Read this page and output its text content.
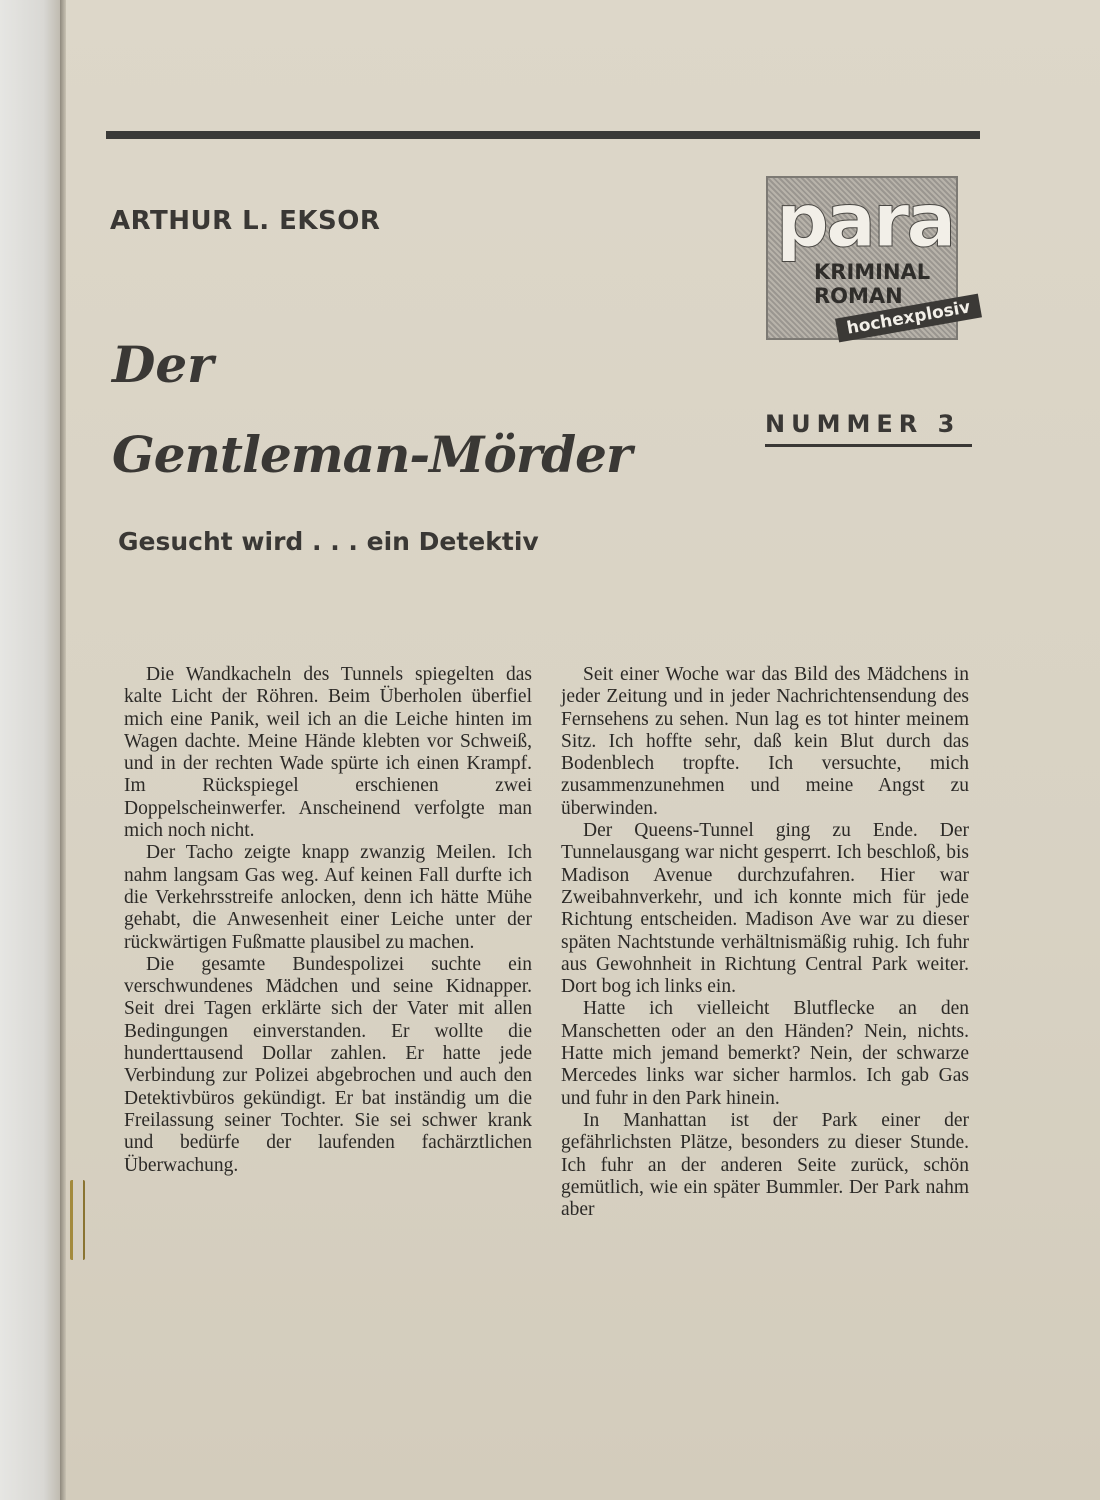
ARTHUR L. EKSOR
Der
Gentleman-Mörder
Gesucht wird . . . ein Detektiv
para
KRIMINAL
ROMAN
hochexplosiv
NUMMER 3

Die Wandkacheln des Tunnels spiegelten das kalte Licht der Röhren. Beim Überholen überfiel mich eine Panik, weil ich an die Leiche hinten im Wagen dachte. Meine Hände klebten vor Schweiß, und in der rechten Wade spürte ich einen Krampf. Im Rückspiegel erschienen zwei Doppelscheinwerfer. Anscheinend verfolgte man mich noch nicht.

Der Tacho zeigte knapp zwanzig Meilen. Ich nahm langsam Gas weg. Auf keinen Fall durfte ich die Verkehrsstreife anlocken, denn ich hätte Mühe gehabt, die Anwesenheit einer Leiche unter der rückwärtigen Fußmatte plausibel zu machen.

Die gesamte Bundespolizei suchte ein verschwundenes Mädchen und seine Kidnapper. Seit drei Tagen erklärte sich der Vater mit allen Bedingungen einverstanden. Er wollte die hunderttausend Dollar zahlen. Er hatte jede Verbindung zur Polizei abgebrochen und auch den Detektivbüros gekündigt. Er bat inständig um die Freilassung seiner Tochter. Sie sei schwer krank und bedürfe der laufenden fachärztlichen Überwachung.

Seit einer Woche war das Bild des Mädchens in jeder Zeitung und in jeder Nachrichtensendung des Fernsehens zu sehen. Nun lag es tot hinter meinem Sitz. Ich hoffte sehr, daß kein Blut durch das Bodenblech tropfte. Ich versuchte, mich zusammenzunehmen und meine Angst zu überwinden.

Der Queens-Tunnel ging zu Ende. Der Tunnelausgang war nicht gesperrt. Ich beschloß, bis Madison Avenue durchzufahren. Hier war Zweibahnverkehr, und ich konnte mich für jede Richtung entscheiden. Madison Ave war zu dieser späten Nachtstunde verhältnismäßig ruhig. Ich fuhr aus Gewohnheit in Richtung Central Park weiter. Dort bog ich links ein.

Hatte ich vielleicht Blutflecke an den Manschetten oder an den Händen? Nein, nichts. Hatte mich jemand bemerkt? Nein, der schwarze Mercedes links war sicher harmlos. Ich gab Gas und fuhr in den Park hinein.

In Manhattan ist der Park einer der gefährlichsten Plätze, besonders zu dieser Stunde. Ich fuhr an der anderen Seite zurück, schön gemütlich, wie ein später Bummler. Der Park nahm aber
